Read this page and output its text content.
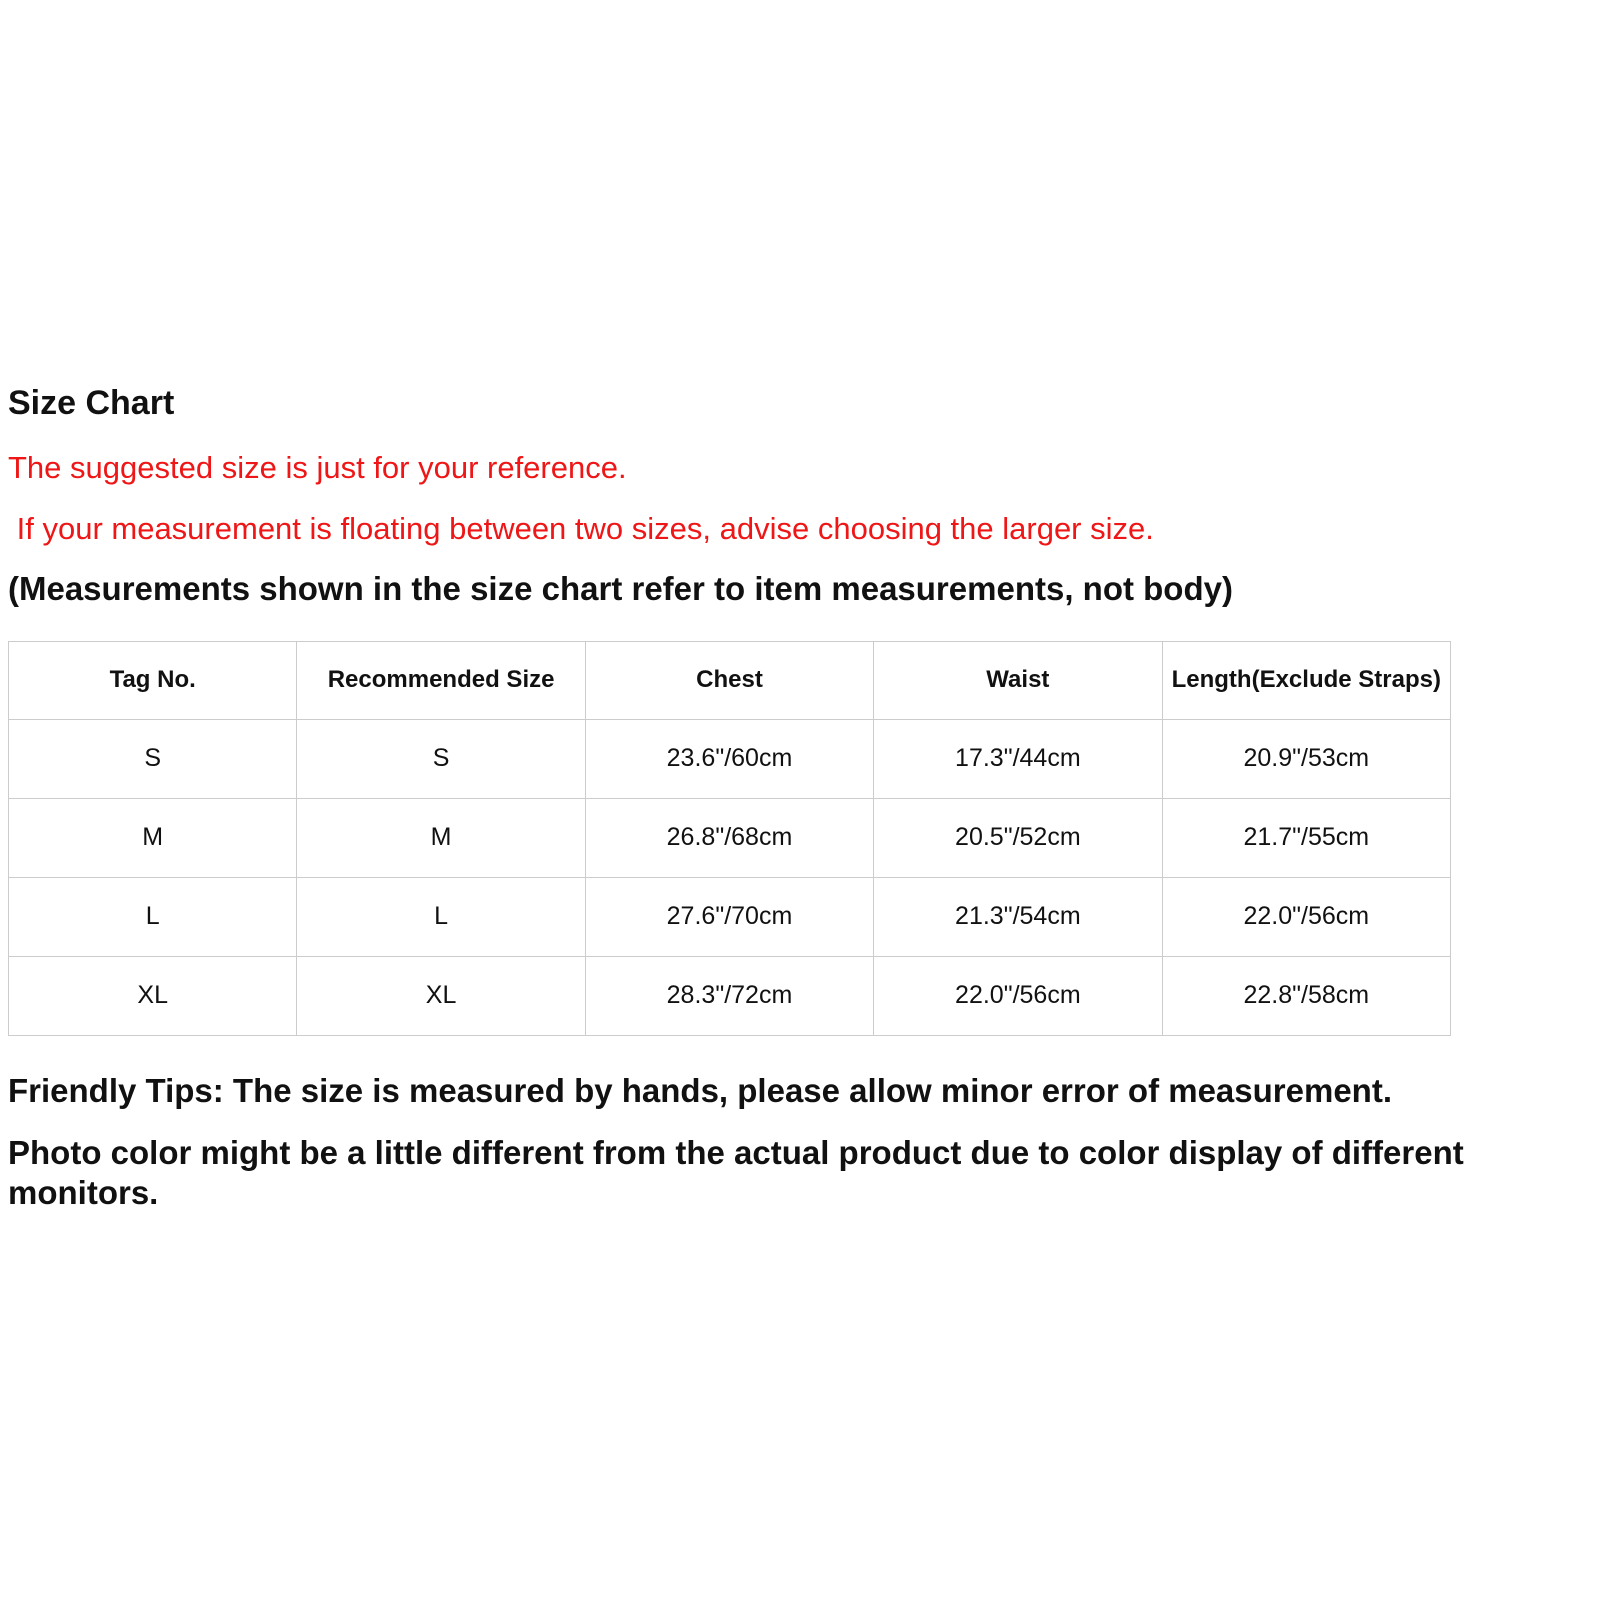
Size Chart

The suggested size is just for your reference.

If your measurement is floating between two sizes, advise choosing the larger size.

(Measurements shown in the size chart refer to item measurements, not body)

Tag No.	Recommended Size	Chest	Waist	Length(Exclude Straps)
S	S	23.6"/60cm	17.3"/44cm	20.9"/53cm
M	M	26.8"/68cm	20.5"/52cm	21.7"/55cm
L	L	27.6"/70cm	21.3"/54cm	22.0"/56cm
XL	XL	28.3"/72cm	22.0"/56cm	22.8"/58cm

Friendly Tips: The size is measured by hands, please allow minor error of measurement.

Photo color might be a little different from the actual product due to color display of different monitors.
